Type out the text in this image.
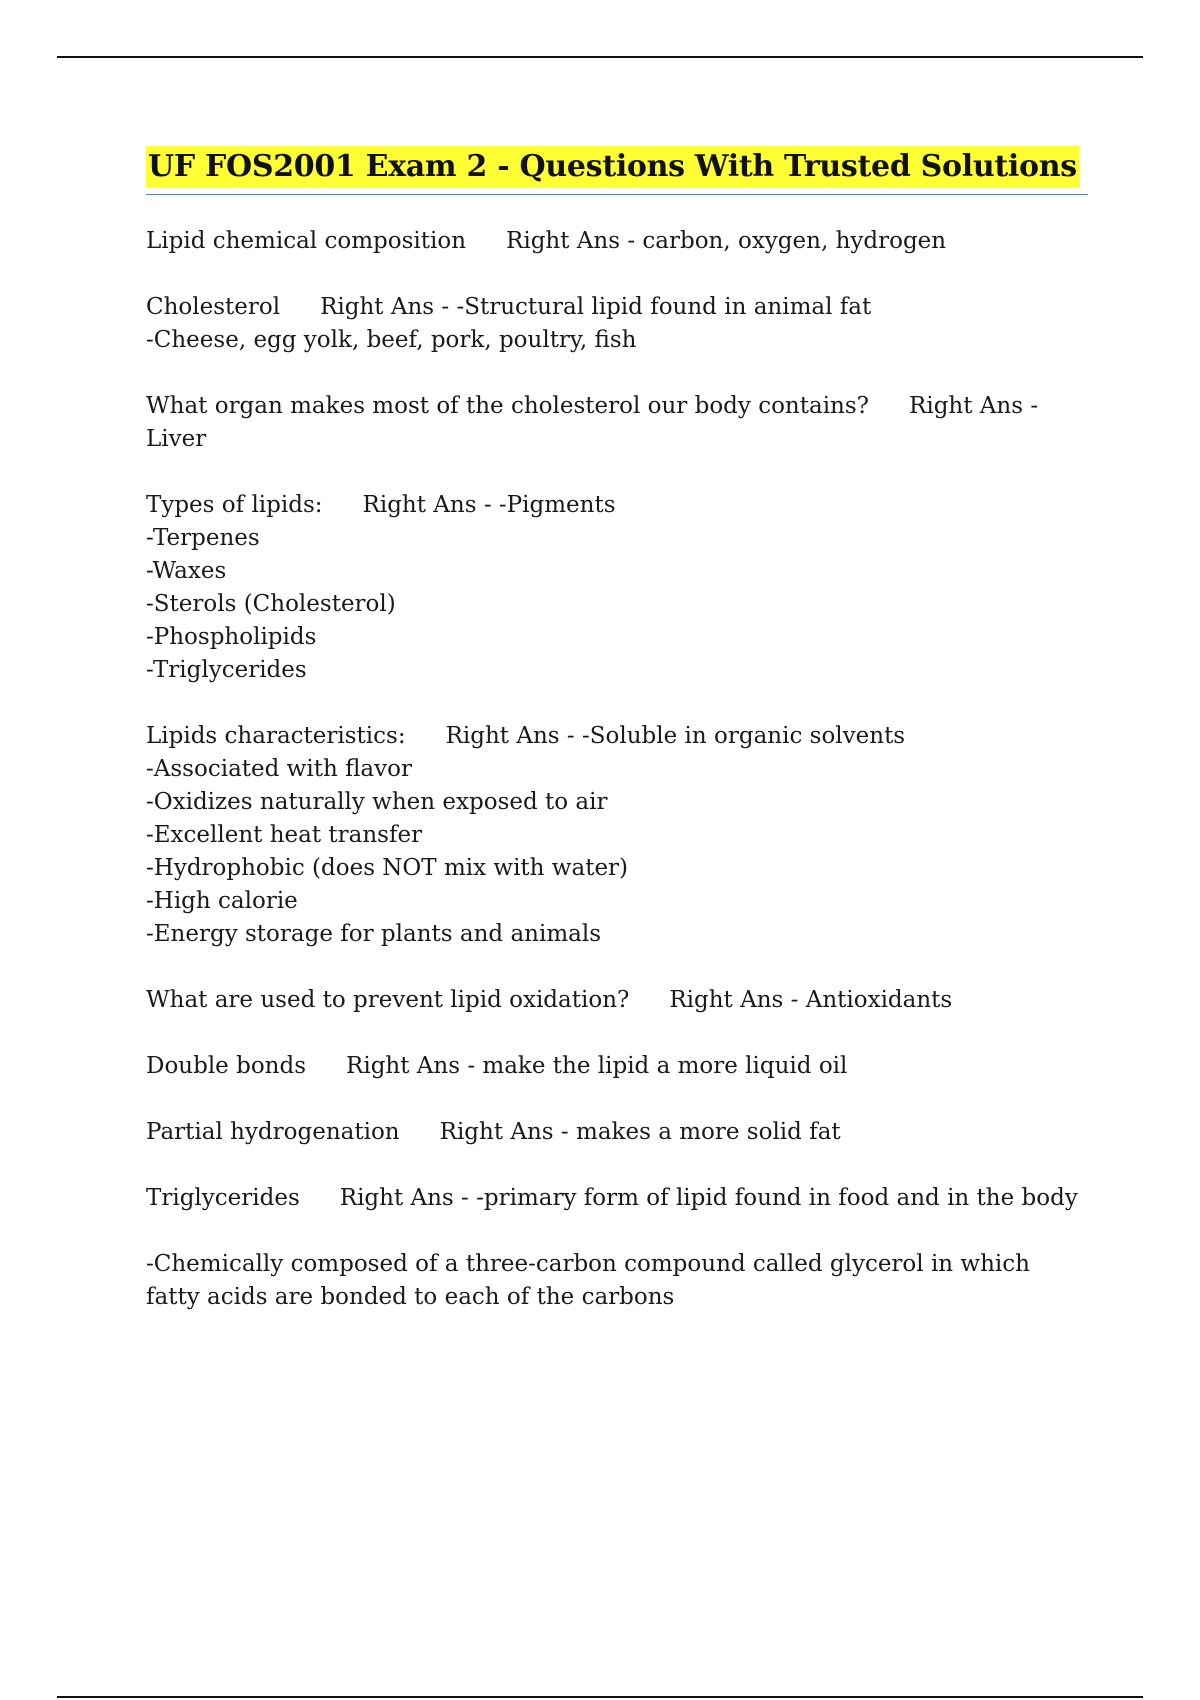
UF FOS2001 Exam 2 - Questions With Trusted Solutions
Lipid chemical composition Right Ans - carbon, oxygen, hydrogen
Cholesterol Right Ans - -Structural lipid found in animal fat
-Cheese, egg yolk, beef, pork, poultry, fish
What organ makes most of the cholesterol our body contains? Right Ans - Liver
Types of lipids: Right Ans - -Pigments
-Terpenes
-Waxes
-Sterols (Cholesterol)
-Phospholipids
-Triglycerides
Lipids characteristics: Right Ans - -Soluble in organic solvents
-Associated with flavor
-Oxidizes naturally when exposed to air
-Excellent heat transfer
-Hydrophobic (does NOT mix with water)
-High calorie
-Energy storage for plants and animals
What are used to prevent lipid oxidation? Right Ans - Antioxidants
Double bonds Right Ans - make the lipid a more liquid oil
Partial hydrogenation Right Ans - makes a more solid fat
Triglycerides Right Ans - -primary form of lipid found in food and in the body

-Chemically composed of a three-carbon compound called glycerol in which fatty acids are bonded to each of the carbons
